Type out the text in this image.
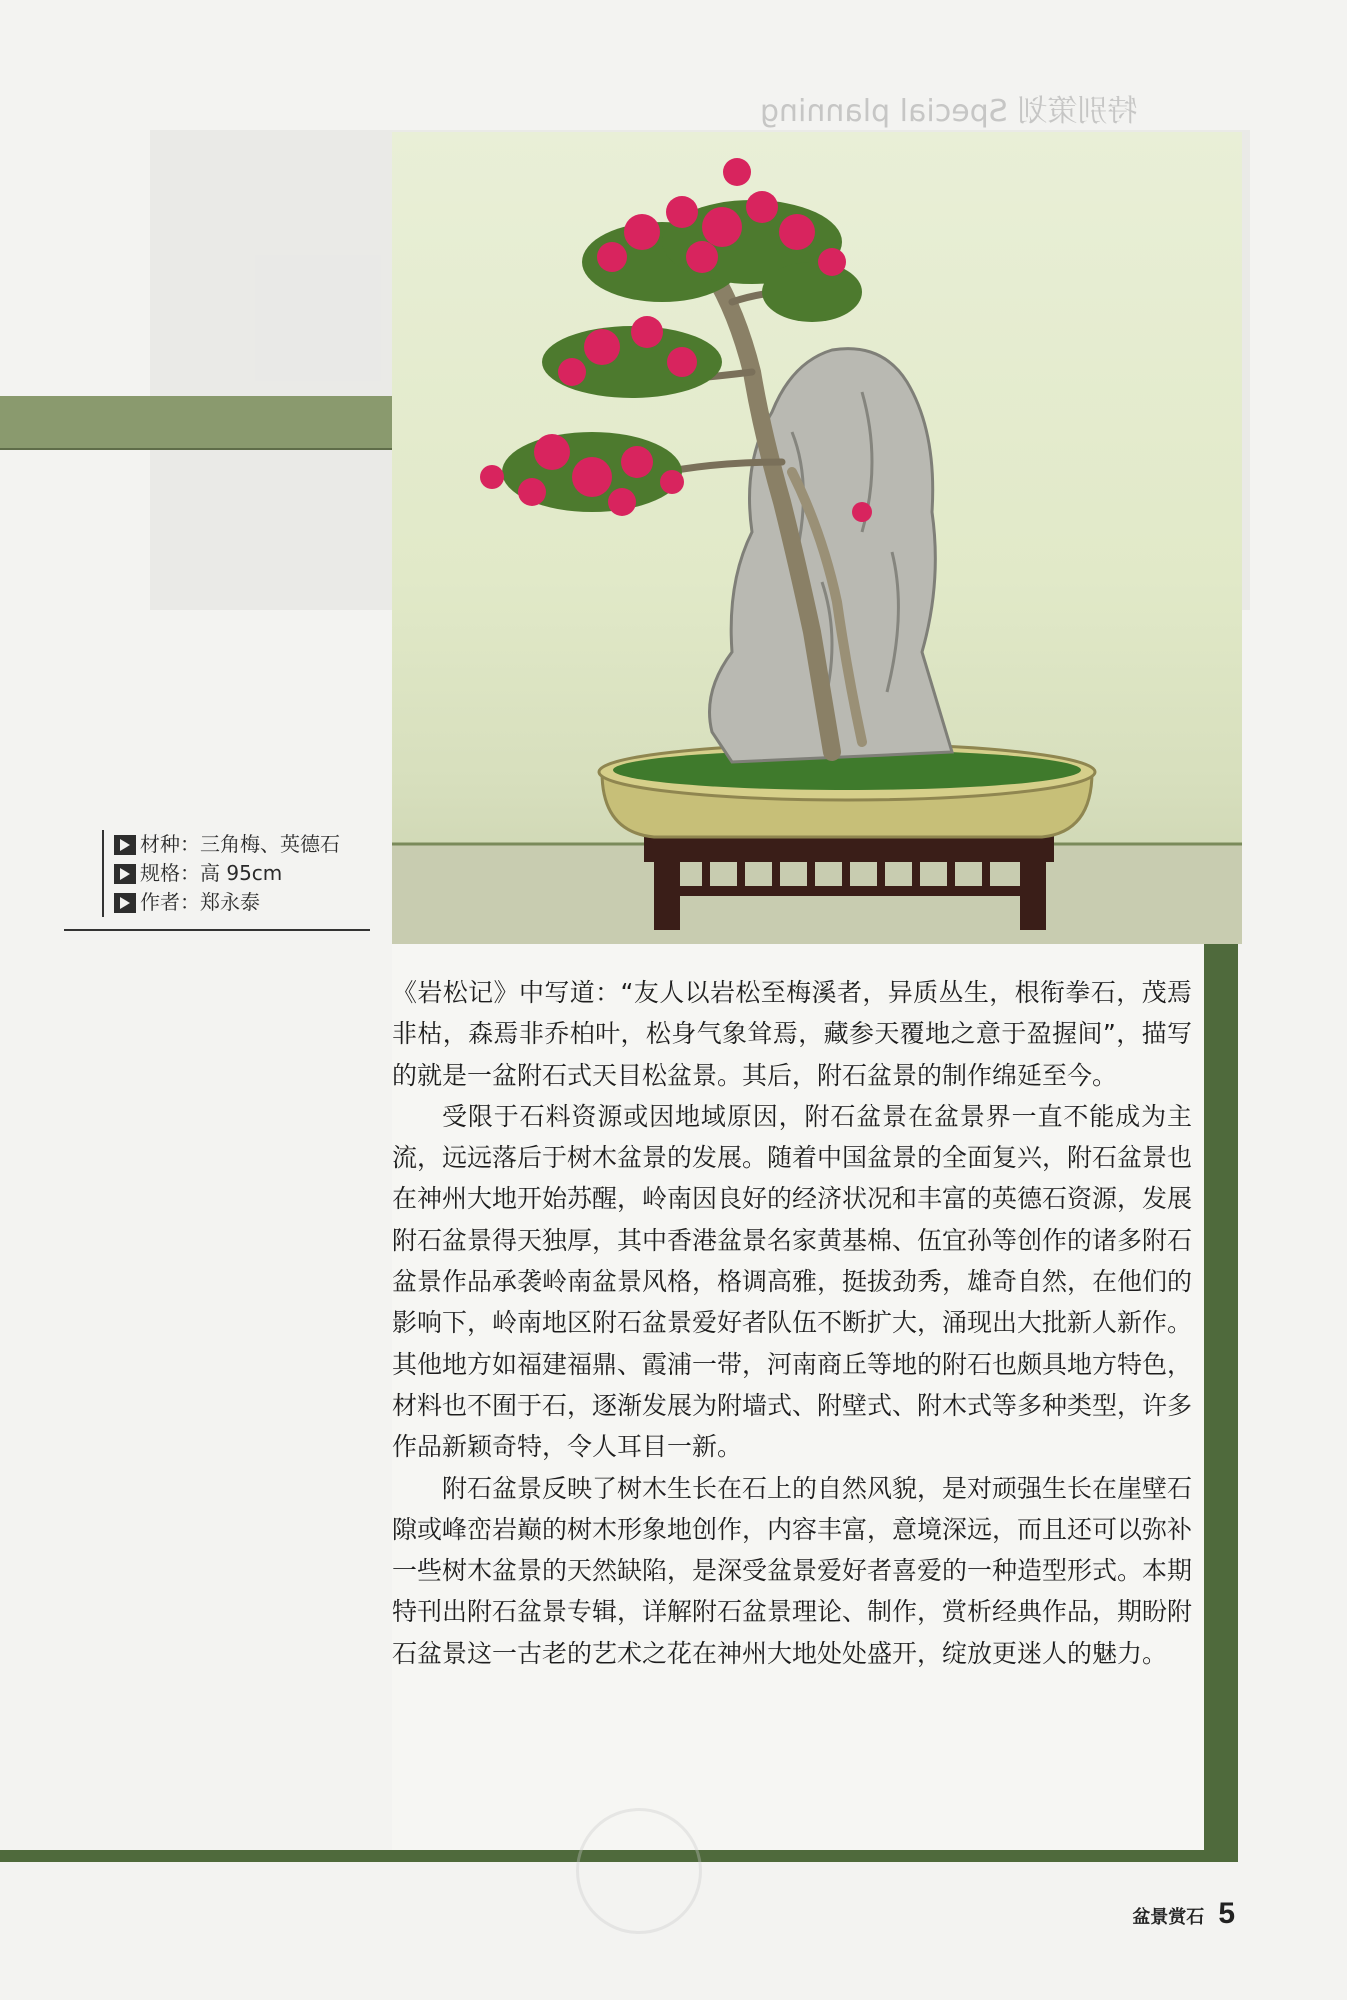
特别策划 Special planning
材种：三角梅、英德石
规格：高 95cm
作者：郑永泰

《岩松记》中写道：“友人以岩松至梅溪者，异质丛生，根衔拳石，茂焉非枯，森焉非乔柏叶，松身气象耸焉，藏参天覆地之意于盈握间”，描写的就是一盆附石式天目松盆景。其后，附石盆景的制作绵延至今。

受限于石料资源或因地域原因，附石盆景在盆景界一直不能成为主流，远远落后于树木盆景的发展。随着中国盆景的全面复兴，附石盆景也在神州大地开始苏醒，岭南因良好的经济状况和丰富的英德石资源，发展附石盆景得天独厚，其中香港盆景名家黄基棉、伍宜孙等创作的诸多附石盆景作品承袭岭南盆景风格，格调高雅，挺拔劲秀，雄奇自然，在他们的影响下，岭南地区附石盆景爱好者队伍不断扩大，涌现出大批新人新作。其他地方如福建福鼎、霞浦一带，河南商丘等地的附石也颇具地方特色，材料也不囿于石，逐渐发展为附墙式、附壁式、附木式等多种类型，许多作品新颖奇特，令人耳目一新。

附石盆景反映了树木生长在石上的自然风貌，是对顽强生长在崖壁石隙或峰峦岩巅的树木形象地创作，内容丰富，意境深远，而且还可以弥补一些树木盆景的天然缺陷，是深受盆景爱好者喜爱的一种造型形式。本期特刊出附石盆景专辑，详解附石盆景理论、制作，赏析经典作品，期盼附石盆景这一古老的艺术之花在神州大地处处盛开，绽放更迷人的魅力。

盆景赏石 5
